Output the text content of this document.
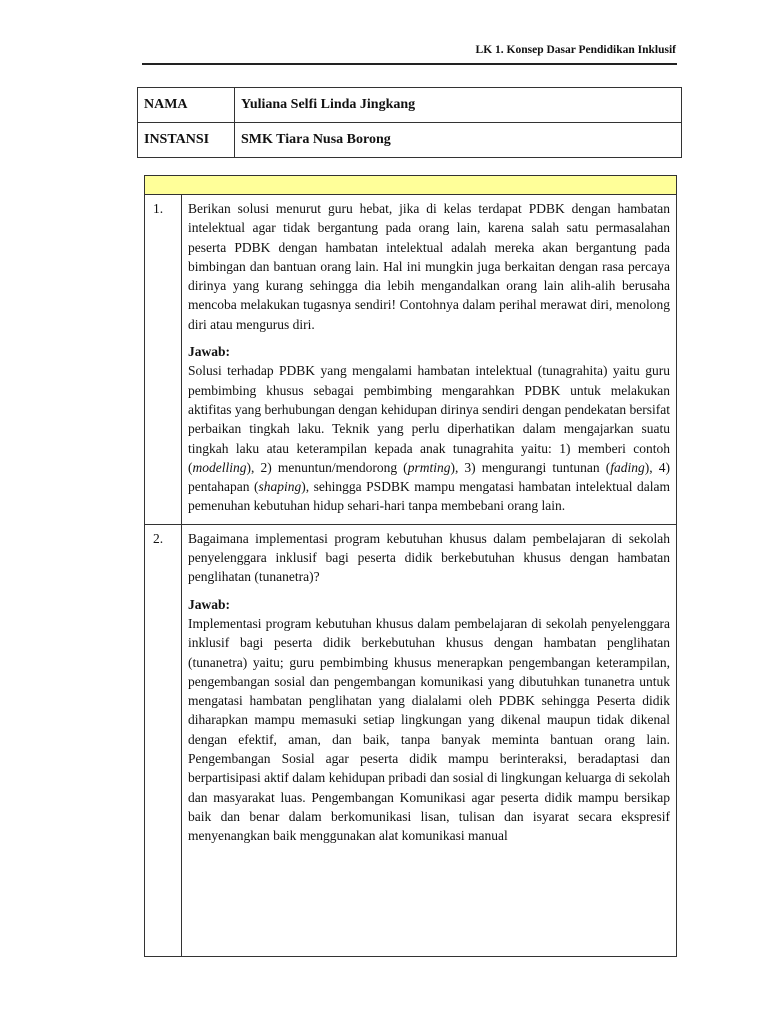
LK 1. Konsep Dasar Pendidikan Inklusif
NAMA	Yuliana Selfi Linda Jingkang
INSTANSI	SMK Tiara Nusa Borong

1.	Berikan solusi menurut guru hebat, jika di kelas terdapat PDBK dengan hambatan intelektual agar tidak bergantung pada orang lain, karena salah satu permasalahan peserta PDBK dengan hambatan intelektual adalah mereka akan bergantung pada bimbingan dan bantuan orang lain. Hal ini mungkin juga berkaitan dengan rasa percaya dirinya yang kurang sehingga dia lebih mengandalkan orang lain alih-alih berusaha mencoba melakukan tugasnya sendiri! Contohnya dalam perihal merawat diri, menolong diri atau mengurus diri.

Jawab:

Solusi terhadap PDBK yang mengalami hambatan intelektual (tunagrahita) yaitu guru pembimbing khusus sebagai pembimbing mengarahkan PDBK untuk melakukan aktifitas yang berhubungan dengan kehidupan dirinya sendiri dengan pendekatan bersifat perbaikan tingkah laku. Teknik yang perlu diperhatikan dalam mengajarkan suatu tingkah laku atau keterampilan kepada anak tunagrahita yaitu: 1) memberi contoh (modelling), 2) menuntun/mendorong (prmting), 3) mengurangi tuntunan (fading), 4) pentahapan (shaping), sehingga PSDBK mampu mengatasi hambatan intelektual dalam pemenuhan kebutuhan hidup sehari-hari tanpa membebani orang lain.

2.	Bagaimana implementasi program kebutuhan khusus dalam pembelajaran di sekolah penyelenggara inklusif bagi peserta didik berkebutuhan khusus dengan hambatan penglihatan (tunanetra)?

Jawab:

Implementasi program kebutuhan khusus dalam pembelajaran di sekolah penyelenggara inklusif bagi peserta didik berkebutuhan khusus dengan hambatan penglihatan (tunanetra) yaitu; guru pembimbing khusus menerapkan pengembangan keterampilan, pengembangan sosial dan pengembangan komunikasi yang dibutuhkan tunanetra untuk mengatasi hambatan penglihatan yang dialalami oleh PDBK sehingga Peserta didik diharapkan mampu memasuki setiap lingkungan yang dikenal maupun tidak dikenal dengan efektif, aman, dan baik, tanpa banyak meminta bantuan orang lain. Pengembangan Sosial agar peserta didik mampu berinteraksi, beradaptasi dan berpartisipasi aktif dalam kehidupan pribadi dan sosial di lingkungan keluarga di sekolah dan masyarakat luas. Pengembangan Komunikasi agar peserta didik mampu bersikap baik dan benar dalam berkomunikasi lisan, tulisan dan isyarat secara ekspresif menyenangkan baik menggunakan alat komunikasi manual
